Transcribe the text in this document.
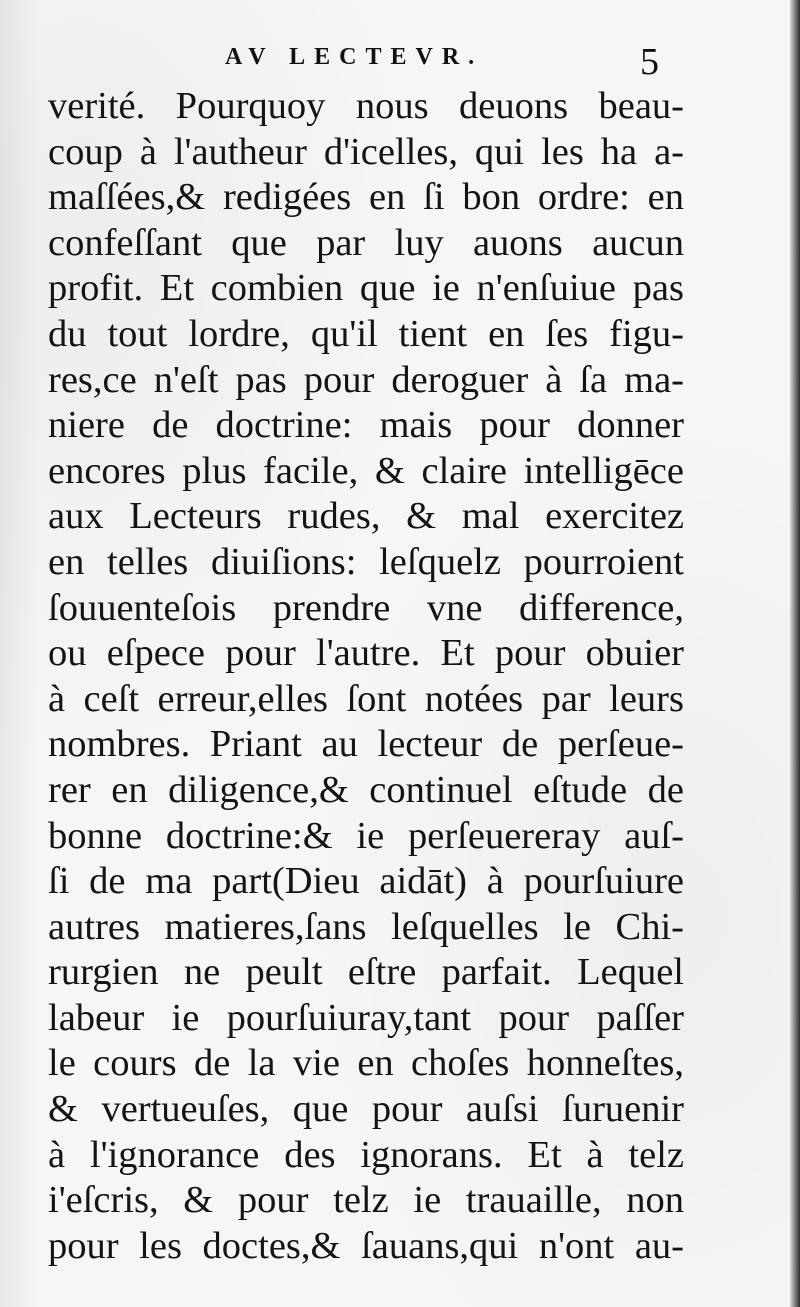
AV LECTEVR.	5
verité. Pourquoy nous deuons beau-
coup à l'autheur d'icelles, qui les ha a-
maſſées,& redigées en ſi bon ordre: en
confeſſant que par luy auons aucun
profit. Et combien que ie n'enſuiue pas
du tout lordre, qu'il tient en ſes figu-
res,ce n'eſt pas pour deroguer à ſa ma-
niere de doctrine: mais pour donner
encores plus facile, & claire intelligēce
aux Lecteurs rudes, & mal exercitez
en telles diuiſions: leſquelz pourroient
ſouuenteſois prendre vne difference,
ou eſpece pour l'autre. Et pour obuier
à ceſt erreur,elles ſont notées par leurs
nombres. Priant au lecteur de perſeue-
rer en diligence,& continuel eſtude de
bonne doctrine:& ie perſeuereray auſ-
ſi de ma part(Dieu aidāt) à pourſuiure
autres matieres,ſans leſquelles le Chi-
rurgien ne peult eſtre parfait. Lequel
labeur ie pourſuiuray,tant pour paſſer
le cours de la vie en choſes honneſtes,
& vertueuſes, que pour auſsi ſuruenir
à l'ignorance des ignorans. Et à telz
i'eſcris, & pour telz ie trauaille, non
pour les doctes,& ſauans,qui n'ont au-
